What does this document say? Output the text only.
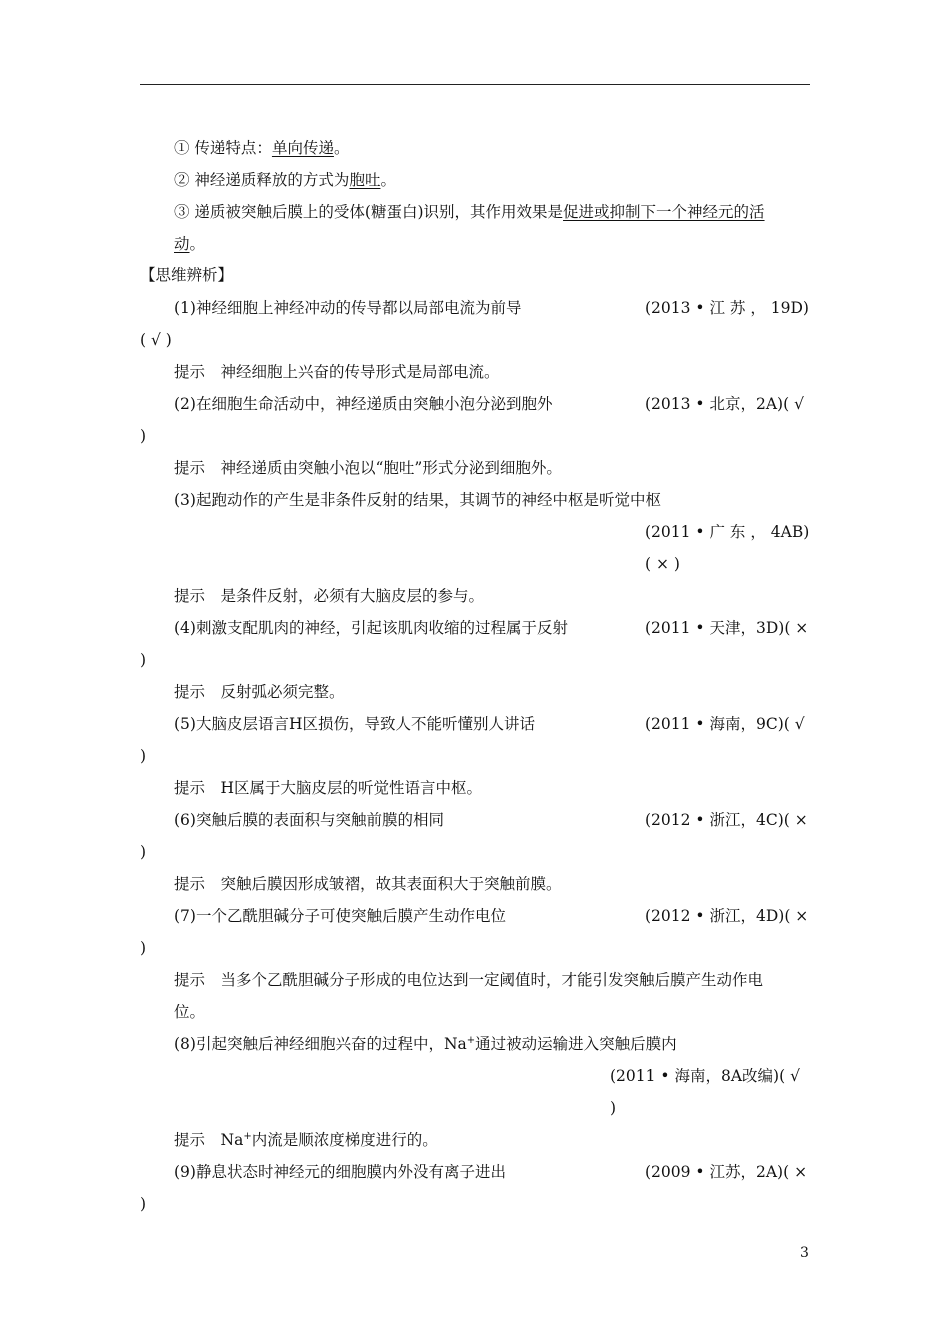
① 传递特点：单向传递。
② 神经递质释放的方式为胞吐。
③ 递质被突触后膜上的受体(糖蛋白)识别，其作用效果是促进或抑制下一个神经元的活
动。
【思维辨析】
(1)神经细胞上神经冲动的传导都以局部电流为前导	(2013 • 江 苏 ， 19D)
( √ )
提示　神经细胞上兴奋的传导形式是局部电流。
(2)在细胞生命活动中，神经递质由突触小泡分泌到胞外	(2013 • 北京，2A)( √
)
提示　神经递质由突触小泡以“胞吐”形式分泌到细胞外。
(3)起跑动作的产生是非条件反射的结果，其调节的神经中枢是听觉中枢
(2011 • 广 东 ， 4AB)
( × )
提示　是条件反射，必须有大脑皮层的参与。
(4)刺激支配肌肉的神经，引起该肌肉收缩的过程属于反射	(2011 • 天津，3D)( ×
)
提示　反射弧必须完整。
(5)大脑皮层语言H区损伤，导致人不能听懂别人讲话	(2011 • 海南，9C)( √
)
提示　H区属于大脑皮层的听觉性语言中枢。
(6)突触后膜的表面积与突触前膜的相同	(2012 • 浙江，4C)( ×
)
提示　突触后膜因形成皱褶，故其表面积大于突触前膜。
(7)一个乙酰胆碱分子可使突触后膜产生动作电位	(2012 • 浙江，4D)( ×
)
提示　当多个乙酰胆碱分子形成的电位达到一定阈值时，才能引发突触后膜产生动作电
位。
(8)引起突触后神经细胞兴奋的过程中，Na+通过被动运输进入突触后膜内
(2011 • 海南，8A改编)( √
)
提示　Na+内流是顺浓度梯度进行的。
(9)静息状态时神经元的细胞膜内外没有离子进出	(2009 • 江苏，2A)( ×
)
3
